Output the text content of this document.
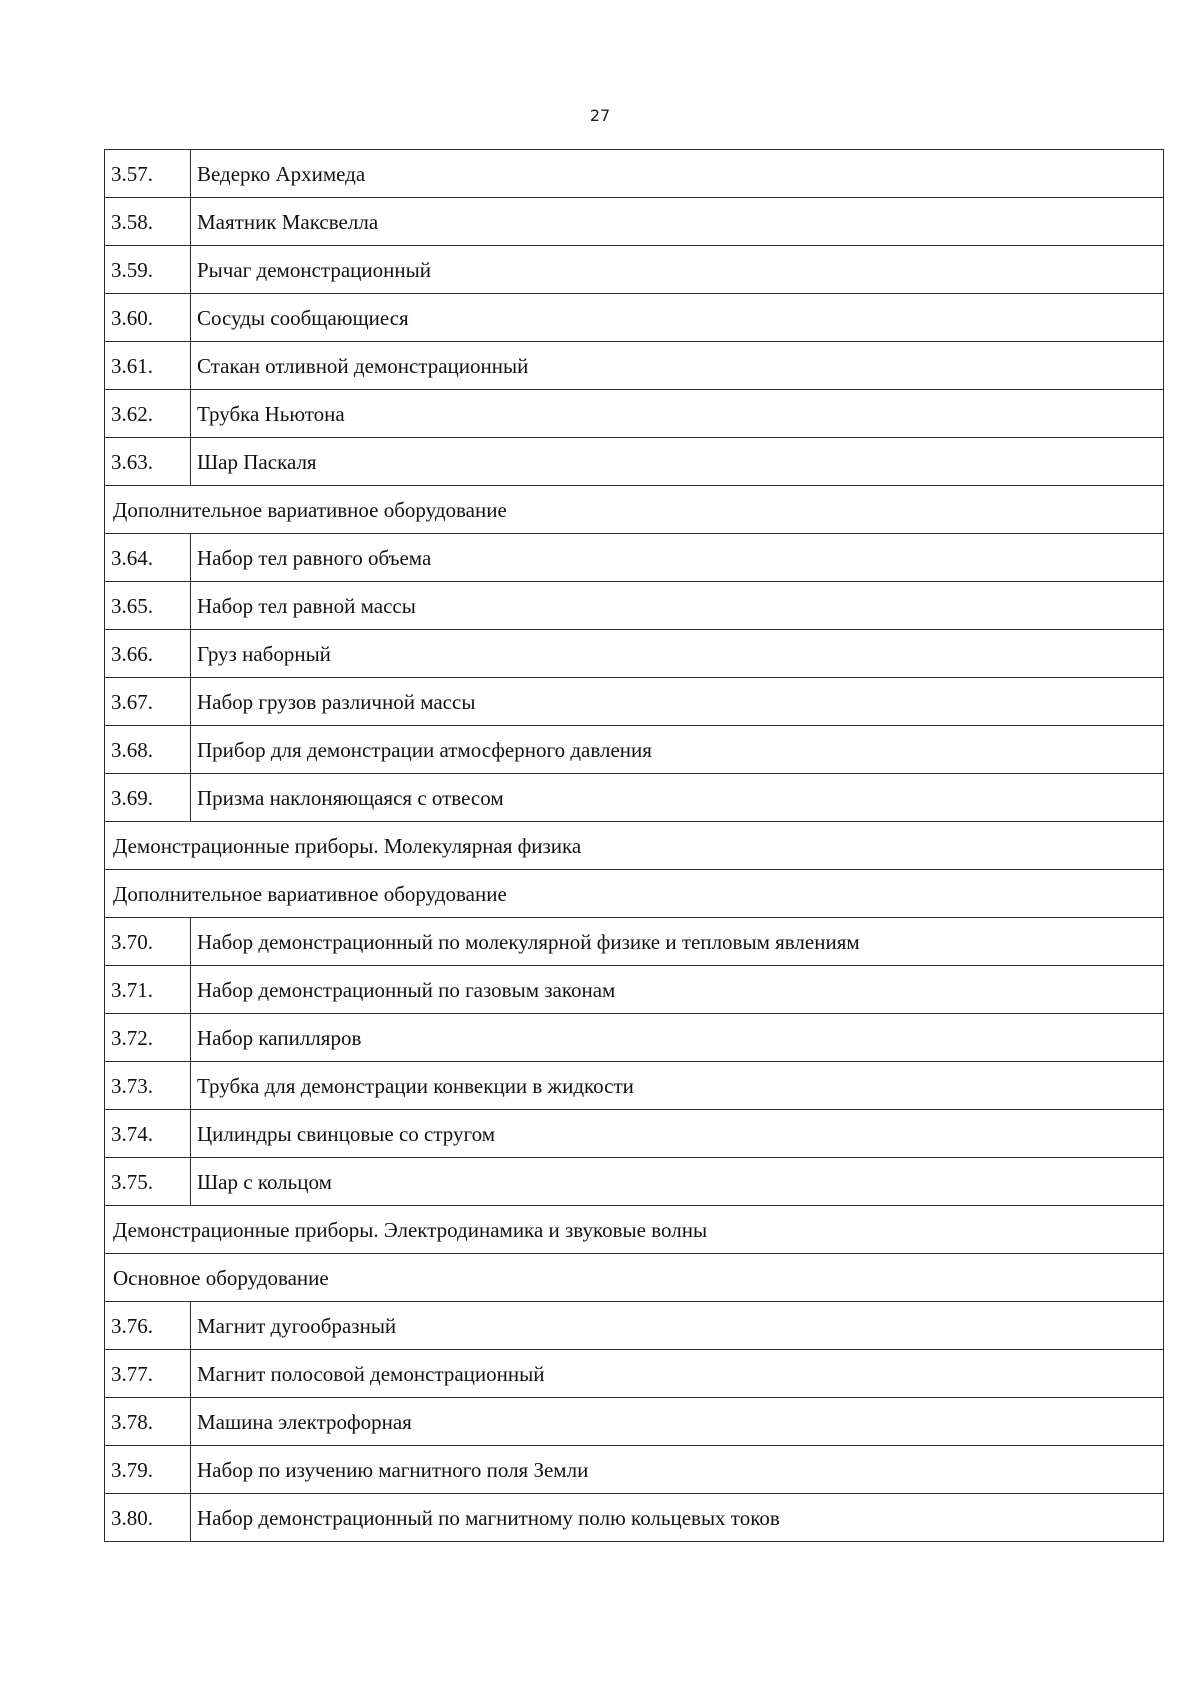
27
3.57.	Ведерко Архимеда
3.58.	Маятник Максвелла
3.59.	Рычаг демонстрационный
3.60.	Сосуды сообщающиеся
3.61.	Стакан отливной демонстрационный
3.62.	Трубка Ньютона
3.63.	Шар Паскаля
Дополнительное вариативное оборудование	
3.64.	Набор тел равного объема
3.65.	Набор тел равной массы
3.66.	Груз наборный
3.67.	Набор грузов различной массы
3.68.	Прибор для демонстрации атмосферного давления
3.69.	Призма наклоняющаяся с отвесом
Демонстрационные приборы. Молекулярная физика	
Дополнительное вариативное оборудование	
3.70.	Набор демонстрационный по молекулярной физике и тепловым явлениям
3.71.	Набор демонстрационный по газовым законам
3.72.	Набор капилляров
3.73.	Трубка для демонстрации конвекции в жидкости
3.74.	Цилиндры свинцовые со стругом
3.75.	Шар с кольцом
Демонстрационные приборы. Электродинамика и звуковые волны	
Основное оборудование	
3.76.	Магнит дугообразный
3.77.	Магнит полосовой демонстрационный
3.78.	Машина электрофорная
3.79.	Набор по изучению магнитного поля Земли
3.80.	Набор демонстрационный по магнитному полю кольцевых токов
